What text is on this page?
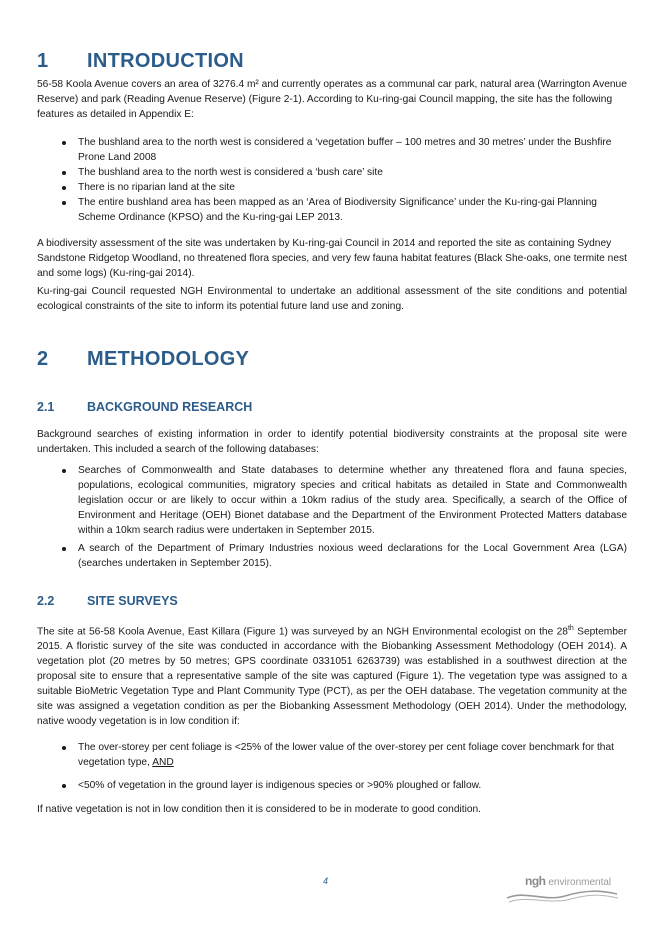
1	INTRODUCTION

56-58 Koola Avenue covers an area of 3276.4 m² and currently operates as a communal car park, natural area (Warrington Avenue Reserve) and park (Reading Avenue Reserve) (Figure 2-1). According to Ku-ring-gai Council mapping, the site has the following features as detailed in Appendix E:

The bushland area to the north west is considered a ‘vegetation buffer – 100 metres and 30 metres’ under the Bushfire Prone Land 2008
The bushland area to the north west is considered a ‘bush care’ site
There is no riparian land at the site
The entire bushland area has been mapped as an ‘Area of Biodiversity Significance’ under the Ku-ring-gai Planning Scheme Ordinance (KPSO) and the Ku-ring-gai LEP 2013.

A biodiversity assessment of the site was undertaken by Ku-ring-gai Council in 2014 and reported the site as containing Sydney Sandstone Ridgetop Woodland, no threatened flora species, and very few fauna habitat features (Black She-oaks, one termite nest and some logs) (Ku-ring-gai 2014).

Ku-ring-gai Council requested NGH Environmental to undertake an additional assessment of the site conditions and potential ecological constraints of the site to inform its potential future land use and zoning.

2	METHODOLOGY
2.1	BACKGROUND RESEARCH

Background searches of existing information in order to identify potential biodiversity constraints at the proposal site were undertaken. This included a search of the following databases:

Searches of Commonwealth and State databases to determine whether any threatened flora and fauna species, populations, ecological communities, migratory species and critical habitats as detailed in State and Commonwealth legislation occur or are likely to occur within a 10km radius of the study area. Specifically, a search of the Office of Environment and Heritage (OEH) Bionet database and the Department of the Environment Protected Matters database within a 10km search radius were undertaken in September 2015.
A search of the Department of Primary Industries noxious weed declarations for the Local Government Area (LGA) (searches undertaken in September 2015).
2.2	SITE SURVEYS

The site at 56-58 Koola Avenue, East Killara (Figure 1) was surveyed by an NGH Environmental ecologist on the 28th September 2015. A floristic survey of the site was conducted in accordance with the Biobanking Assessment Methodology (OEH 2014). A vegetation plot (20 metres by 50 metres; GPS coordinate 0331051 6263739) was established in a southwest direction at the proposal site to ensure that a representative sample of the site was captured (Figure 1). The vegetation type was assigned to a suitable BioMetric Vegetation Type and Plant Community Type (PCT), as per the OEH database. The vegetation community at the site was assigned a vegetation condition as per the Biobanking Assessment Methodology (OEH 2014). Under the methodology, native woody vegetation is in low condition if:

The over-storey per cent foliage is <25% of the lower value of the over-storey per cent foliage cover benchmark for that vegetation type, AND
<50% of vegetation in the ground layer is indigenous species or >90% ploughed or fallow.

If native vegetation is not in low condition then it is considered to be in moderate to good condition.

4	ngh environmental
